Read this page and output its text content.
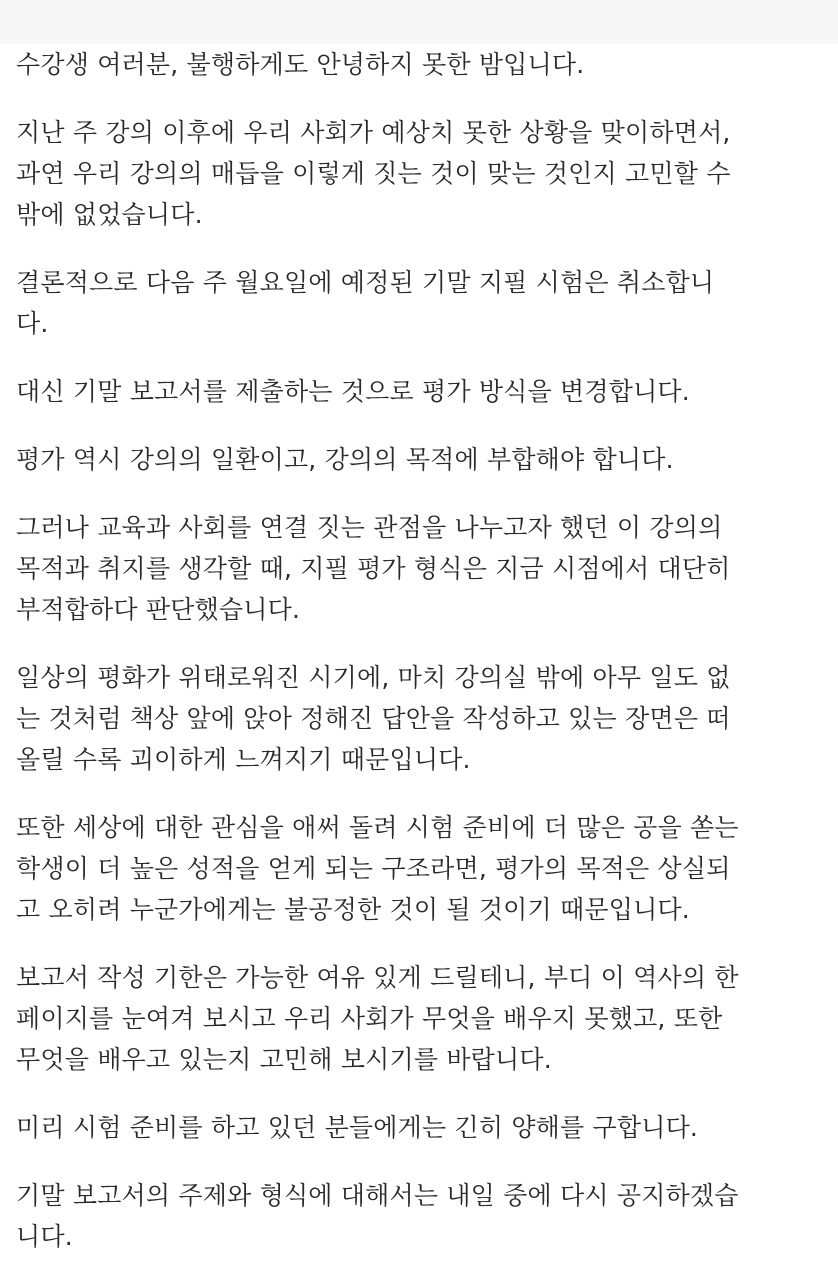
수강생 여러분, 불행하게도 안녕하지 못한 밤입니다.

지난 주 강의 이후에 우리 사회가 예상치 못한 상황을 맞이하면서,
과연 우리 강의의 매듭을 이렇게 짓는 것이 맞는 것인지 고민할 수
밖에 없었습니다.

결론적으로 다음 주 월요일에 예정된 기말 지필 시험은 취소합니
다.

대신 기말 보고서를 제출하는 것으로 평가 방식을 변경합니다.

평가 역시 강의의 일환이고, 강의의 목적에 부합해야 합니다.

그러나 교육과 사회를 연결 짓는 관점을 나누고자 했던 이 강의의
목적과 취지를 생각할 때, 지필 평가 형식은 지금 시점에서 대단히
부적합하다 판단했습니다.

일상의 평화가 위태로워진 시기에, 마치 강의실 밖에 아무 일도 없
는 것처럼 책상 앞에 앉아 정해진 답안을 작성하고 있는 장면은 떠
올릴 수록 괴이하게 느껴지기 때문입니다.

또한 세상에 대한 관심을 애써 돌려 시험 준비에 더 많은 공을 쏟는
학생이 더 높은 성적을 얻게 되는 구조라면, 평가의 목적은 상실되
고 오히려 누군가에게는 불공정한 것이 될 것이기 때문입니다.

보고서 작성 기한은 가능한 여유 있게 드릴테니, 부디 이 역사의 한
페이지를 눈여겨 보시고 우리 사회가 무엇을 배우지 못했고, 또한
무엇을 배우고 있는지 고민해 보시기를 바랍니다.

미리 시험 준비를 하고 있던 분들에게는 긴히 양해를 구합니다.

기말 보고서의 주제와 형식에 대해서는 내일 중에 다시 공지하겠습
니다.
